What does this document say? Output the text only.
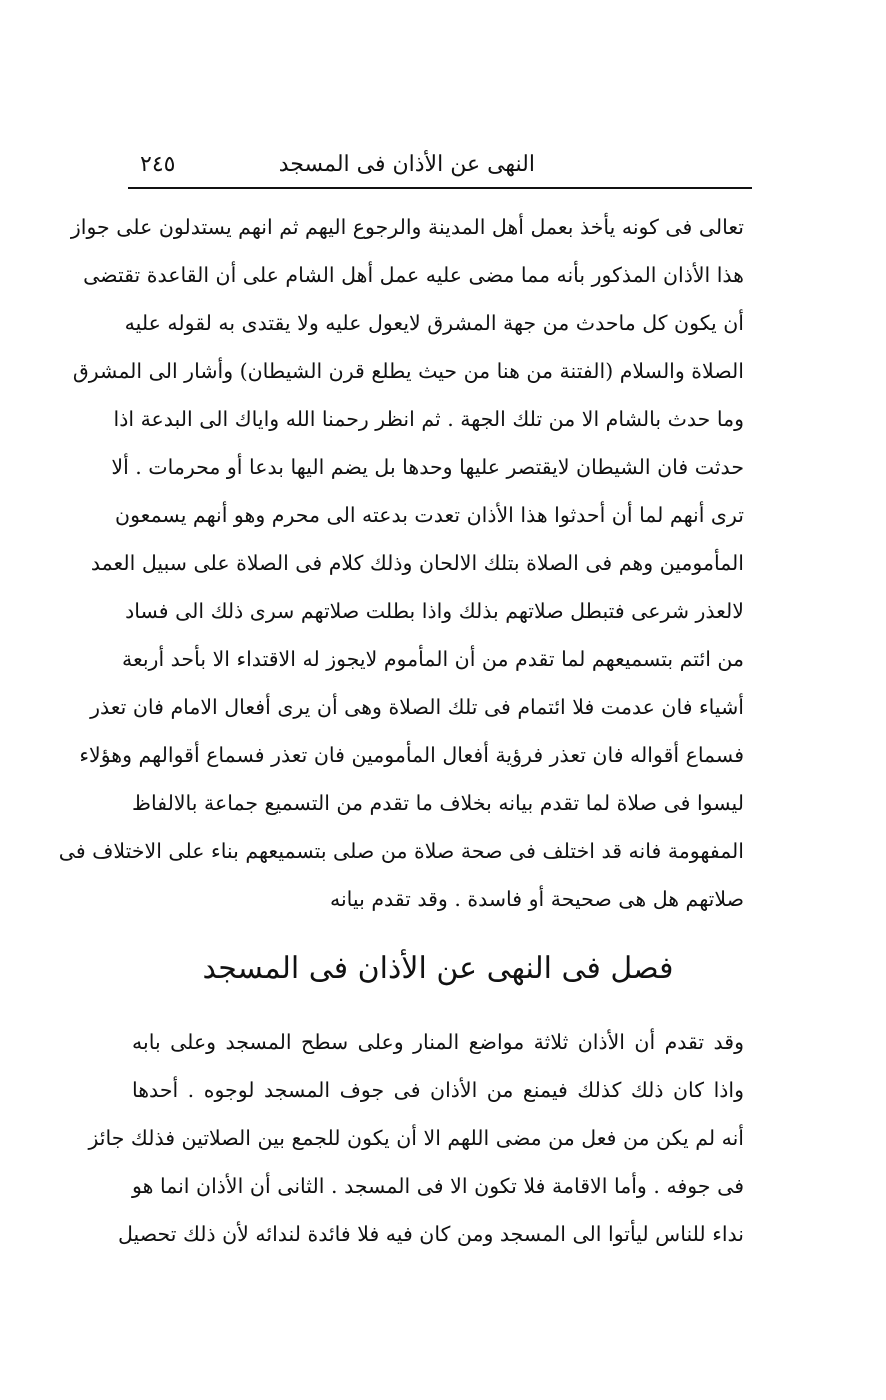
النهى عن الأذان فى المسجد
٢٤٥
تعالى فى كونه يأخذ بعمل أهل المدينة والرجوع اليهم ثم انهم يستدلون على جواز
هذا الأذان المذكور بأنه مما مضى عليه عمل أهل الشام على أن القاعدة تقتضى
أن يكون كل ماحدث من جهة المشرق لايعول عليه ولا يقتدى به لقوله عليه
الصلاة والسلام (الفتنة من هنا من حيث يطلع قرن الشيطان) وأشار الى المشرق
وما حدث بالشام الا من تلك الجهة . ثم انظر رحمنا الله واياك الى البدعة اذا
حدثت فان الشيطان لايقتصر عليها وحدها بل يضم اليها بدعا أو محرمات . ألا
ترى أنهم لما أن أحدثوا هذا الأذان تعدت بدعته الى محرم وهو أنهم يسمعون
المأمومين وهم فى الصلاة بتلك الالحان وذلك كلام فى الصلاة على سبيل العمد
لالعذر شرعى فتبطل صلاتهم بذلك واذا بطلت صلاتهم سرى ذلك الى فساد
من ائتم بتسميعهم لما تقدم من أن المأموم لايجوز له الاقتداء الا بأحد أربعة
أشياء فان عدمت فلا ائتمام فى تلك الصلاة وهى أن يرى أفعال الامام فان تعذر
فسماع أقواله فان تعذر فرؤية أفعال المأمومين فان تعذر فسماع أقوالهم وهؤلاء
ليسوا فى صلاة لما تقدم بيانه بخلاف ما تقدم من التسميع جماعة بالالفاظ
المفهومة فانه قد اختلف فى صحة صلاة من صلى بتسميعهم بناء على الاختلاف فى
صلاتهم هل هى صحيحة أو فاسدة . وقد تقدم بيانه
فصل فى النهى عن الأذان فى المسجد
وقد تقدم أن الأذان ثلاثة مواضع المنار وعلى سطح المسجد وعلى بابه
واذا كان ذلك كذلك فيمنع من الأذان فى جوف المسجد لوجوه . أحدها
أنه لم يكن من فعل من مضى اللهم الا أن يكون للجمع بين الصلاتين فذلك جائز
فى جوفه . وأما الاقامة فلا تكون الا فى المسجد . الثانى أن الأذان انما هو
نداء للناس ليأتوا الى المسجد ومن كان فيه فلا فائدة لندائه لأن ذلك تحصيل
